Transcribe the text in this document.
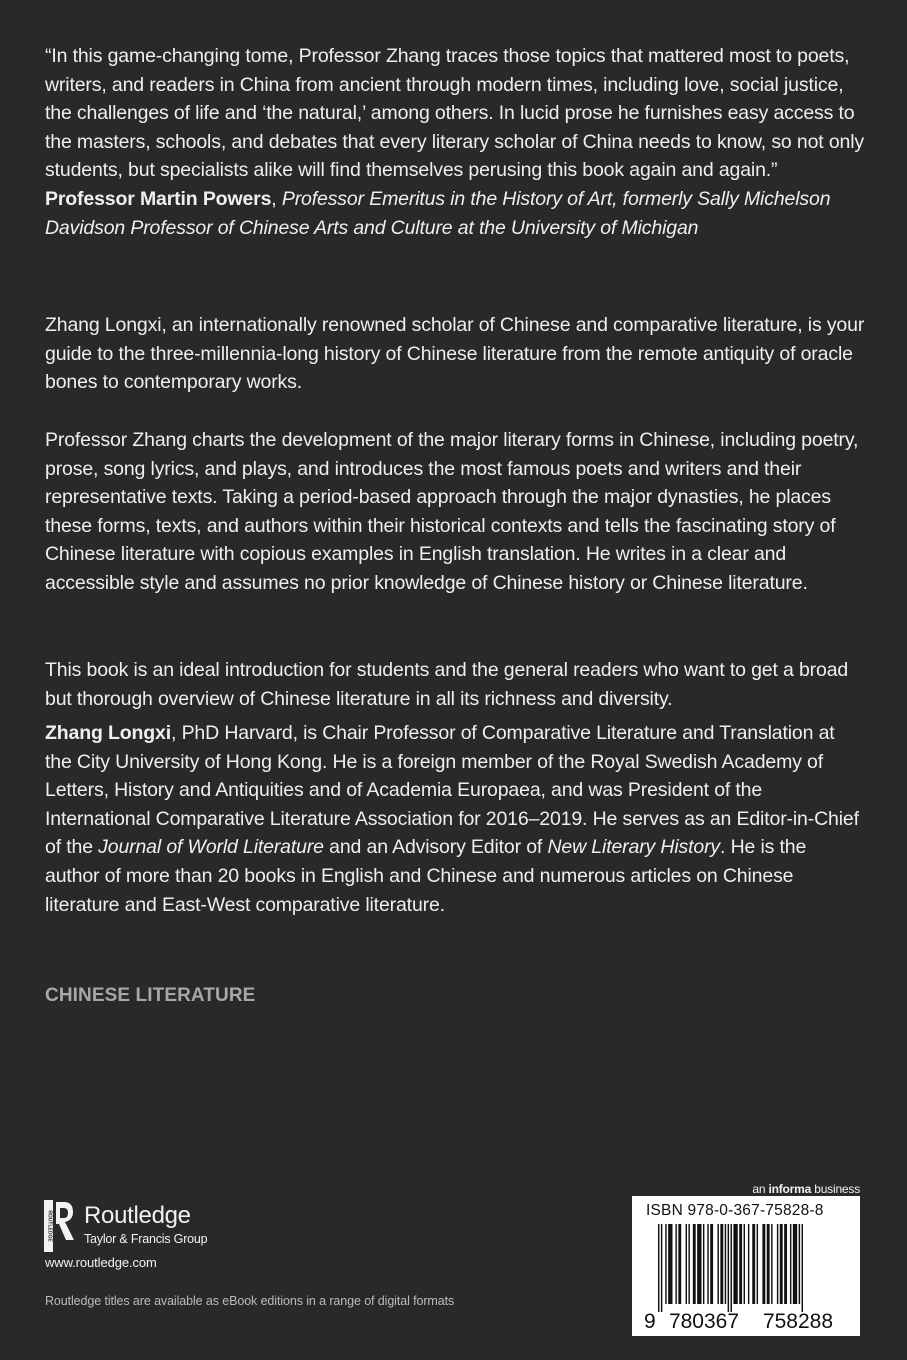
“In this game-changing tome, Professor Zhang traces those topics that mattered most to poets, writers, and readers in China from ancient through modern times, including love, social justice, the challenges of life and ‘the natural,’ among others. In lucid prose he furnishes easy access to the masters, schools, and debates that every literary scholar of China needs to know, so not only students, but specialists alike will find themselves perusing this book again and again.”

Professor Martin Powers, Professor Emeritus in the History of Art, formerly Sally Michelson Davidson Professor of Chinese Arts and Culture at the University of Michigan

Zhang Longxi, an internationally renowned scholar of Chinese and comparative literature, is your guide to the three-millennia-long history of Chinese literature from the remote antiquity of oracle bones to contemporary works.

Professor Zhang charts the development of the major literary forms in Chinese, including poetry, prose, song lyrics, and plays, and introduces the most famous poets and writers and their representative texts. Taking a period-based approach through the major dynasties, he places these forms, texts, and authors within their historical contexts and tells the fascinating story of Chinese literature with copious examples in English translation. He writes in a clear and accessible style and assumes no prior knowledge of Chinese history or Chinese literature.

This book is an ideal introduction for students and the general readers who want to get a broad but thorough overview of Chinese literature in all its richness and diversity.

Zhang Longxi, PhD Harvard, is Chair Professor of Comparative Literature and Translation at the City University of Hong Kong. He is a foreign member of the Royal Swedish Academy of Letters, History and Antiquities and of Academia Europaea, and was President of the International Comparative Literature Association for 2016–2019. He serves as an Editor-in-Chief of the Journal of World Literature and an Advisory Editor of New Literary History. He is the author of more than 20 books in English and Chinese and numerous articles on Chinese literature and East-West comparative literature.

CHINESE LITERATURE
ROUTLEDGE Routledge
Taylor & Francis Group
www.routledge.com
Routledge titles are available as eBook editions in a range of digital formats
an informa business
ISBN 978-0-367-75828-8
9 780367 758288
